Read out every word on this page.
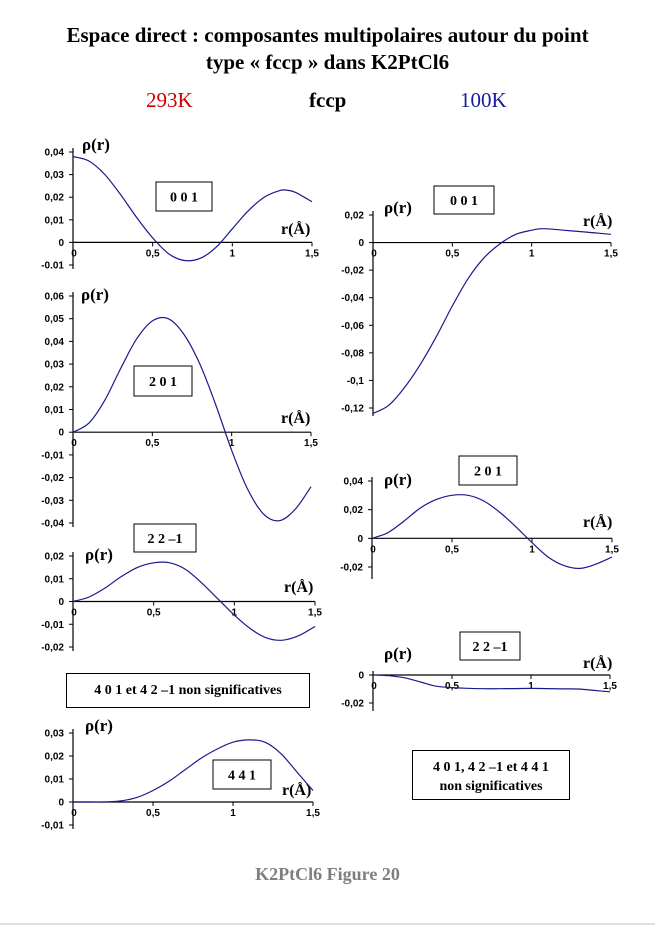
Espace direct : composantes multipolaires autour du point
type « fccp » dans K2PtCl6
293K	fccp	100K
0,04
0,03
0,02
0,01
0
-0.01
0	0,5	1	1,5
ρ(r)
r(Å)
0 0 1
0,06
0,05
0,04
0,03
0,02
0,01
0
-0,01
-0,02
-0,03
-0,04
0	0,5	1	1,5
ρ(r)
r(Å)
2 0 1
0,02
0,01
0
-0,01
-0,02
0	0,5	1	1,5
ρ(r)
r(Å)
2 2 –1
0,03
0,02
0,01
0
-0,01
0	0,5	1	1,5
ρ(r)
r(Å)
4 4 1
0,02
0
-0,02
-0,04
-0,06
-0,08
-0,1
-0,12
0	0,5	1	1,5
ρ(r)
r(Å)
0 0 1
0,04
0,02
0
-0,02
0	0,5	1	1,5
ρ(r)
r(Å)
2 0 1
0
-0,02
0	0,5	1	1,5
ρ(r)
r(Å)
2 2 –1
4 0 1 et 4 2 –1 non significatives
4 0 1, 4 2 –1 et 4 4 1
non significatives
K2PtCl6 Figure 20
